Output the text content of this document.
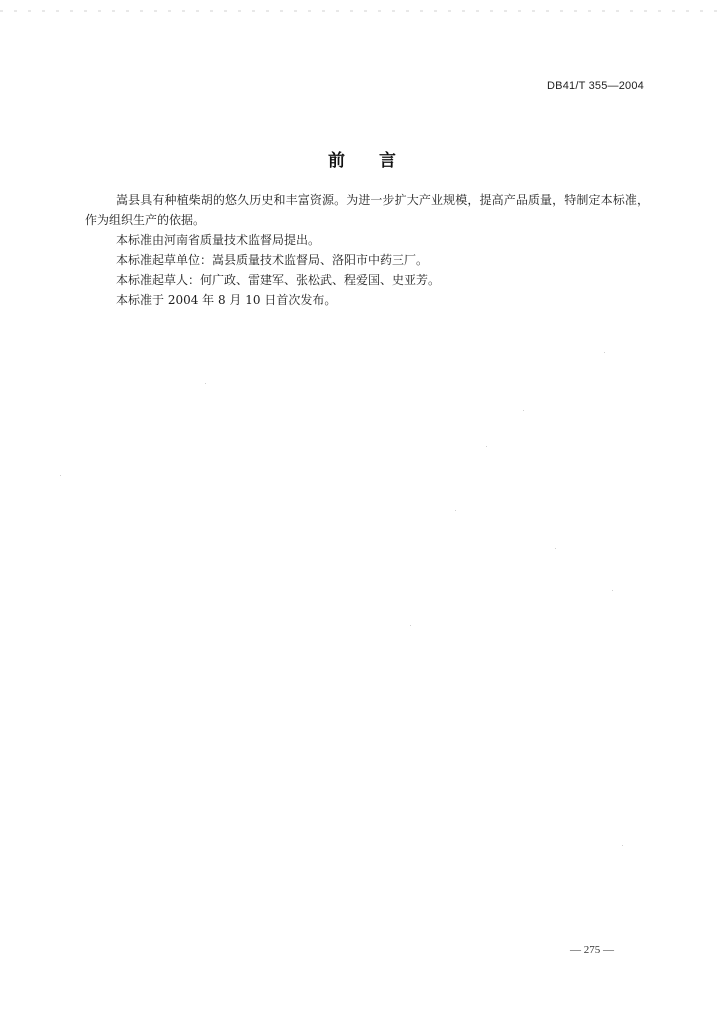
DB41/T 355—2004
前言

嵩县具有种植柴胡的悠久历史和丰富资源。为进一步扩大产业规模，提高产品质量，特制定本标准，作为组织生产的依据。

本标准由河南省质量技术监督局提出。

本标准起草单位：嵩县质量技术监督局、洛阳市中药三厂。

本标准起草人：何广政、雷建军、张松武、程爱国、史亚芳。

本标准于 2004 年 8 月 10 日首次发布。

— 275 —
